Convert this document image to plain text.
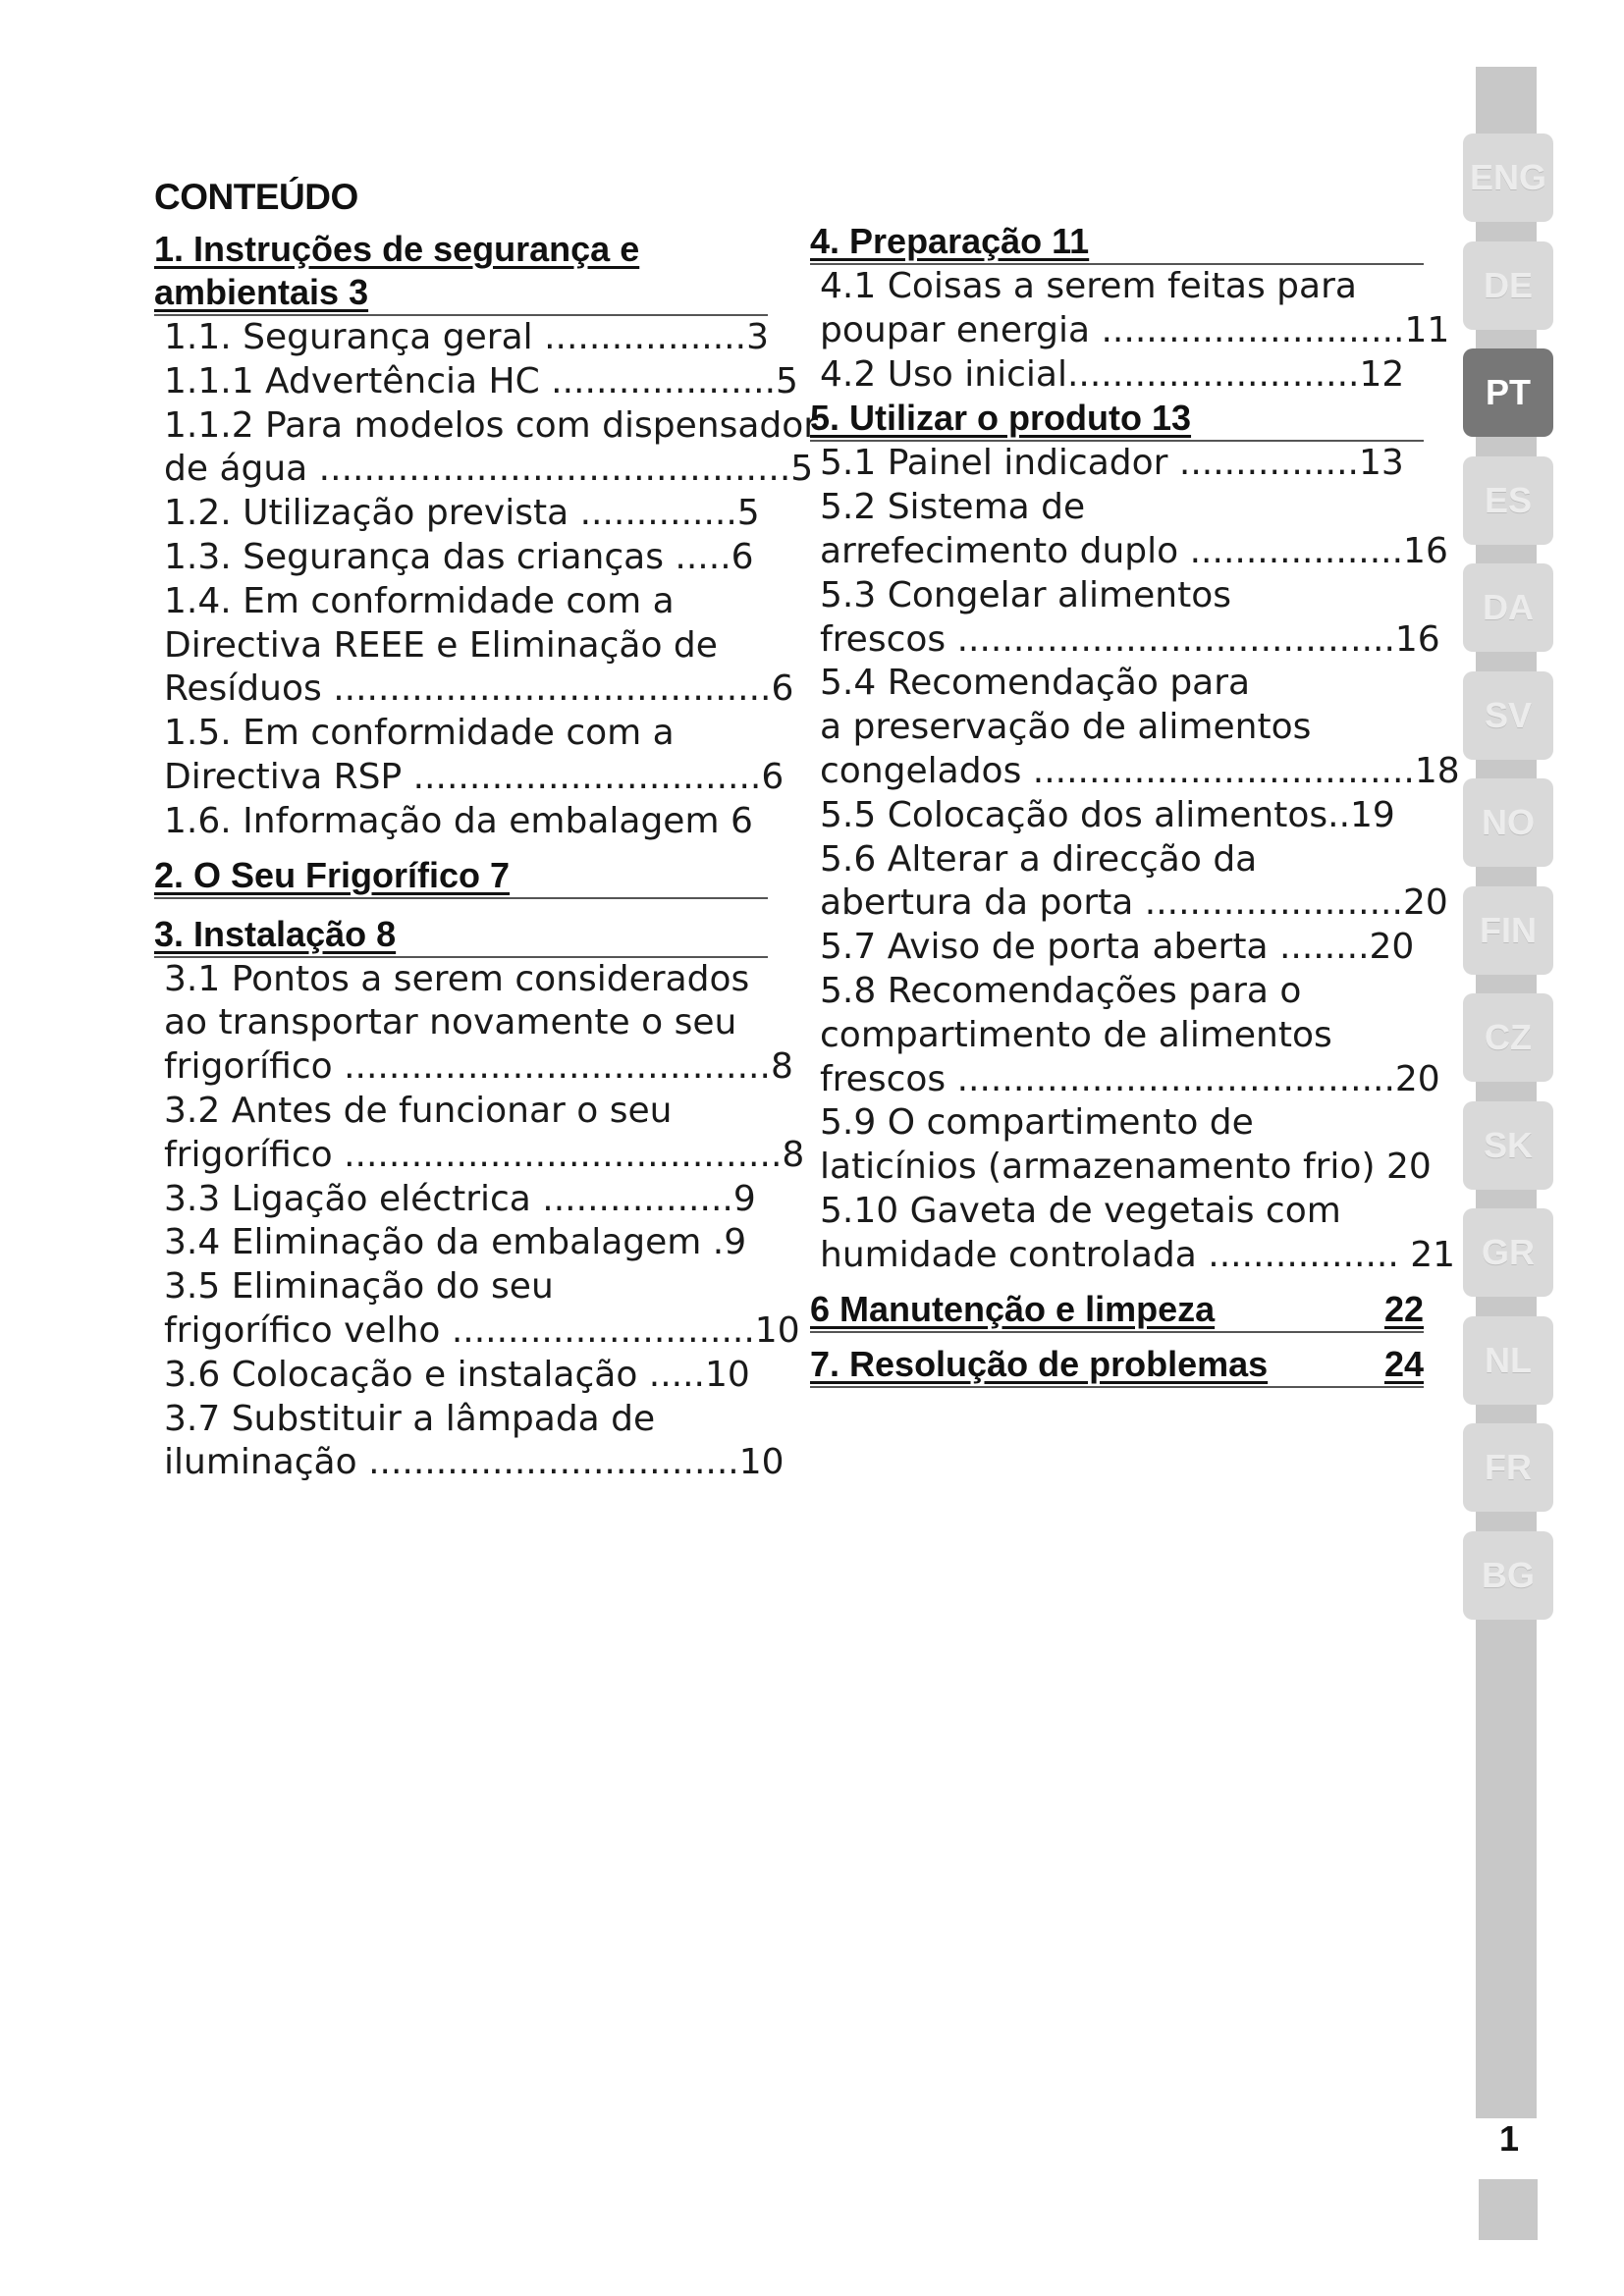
CONTEÚDO
1. Instruções de segurança e
ambientais 3
1.1. Segurança geral ..................3
1.1.1 Advertência HC ....................5
1.1.2 Para modelos com dispensador
de água ..........................................5
1.2. Utilização prevista ..............5
1.3. Segurança das crianças .....6
1.4. Em conformidade com a
Directiva REEE e Eliminação de
Resíduos .......................................6
1.5. Em conformidade com a
Directiva RSP ...............................6
1.6. Informação da embalagem 6
2. O Seu Frigorífico 7
3. Instalação 8
3.1 Pontos a serem considerados
ao transportar novamente o seu
frigorífico ......................................8
3.2 Antes de funcionar o seu
frigorífico .......................................8
3.3 Ligação eléctrica .................9
3.4 Eliminação da embalagem .9
3.5 Eliminação do seu
frigorífico velho ...........................10
3.6 Colocação e instalação .....10
3.7 Substituir a lâmpada de
iluminação .................................10
4. Preparação 11
4.1 Coisas a serem feitas para
poupar energia ...........................11
4.2 Uso inicial..........................12
5. Utilizar o produto 13
5.1 Painel indicador ................13
5.2 Sistema de
arrefecimento duplo ...................16
5.3 Congelar alimentos
frescos .......................................16
5.4 Recomendação para
a preservação de alimentos
congelados ..................................18
5.5 Colocação dos alimentos..19
5.6 Alterar a direcção da
abertura da porta .......................20
5.7 Aviso de porta aberta ........20
5.8 Recomendações para o
compartimento de alimentos
frescos .......................................20
5.9 O compartimento de
laticínios (armazenamento frio) 20
5.10 Gaveta de vegetais com
humidade controlada ................. 21
6 Manutenção e limpeza	22
7. Resolução de problemas	24
ENG
DE
PT
ES
DA
SV
NO
FIN
CZ
SK
GR
NL
FR
BG
1
